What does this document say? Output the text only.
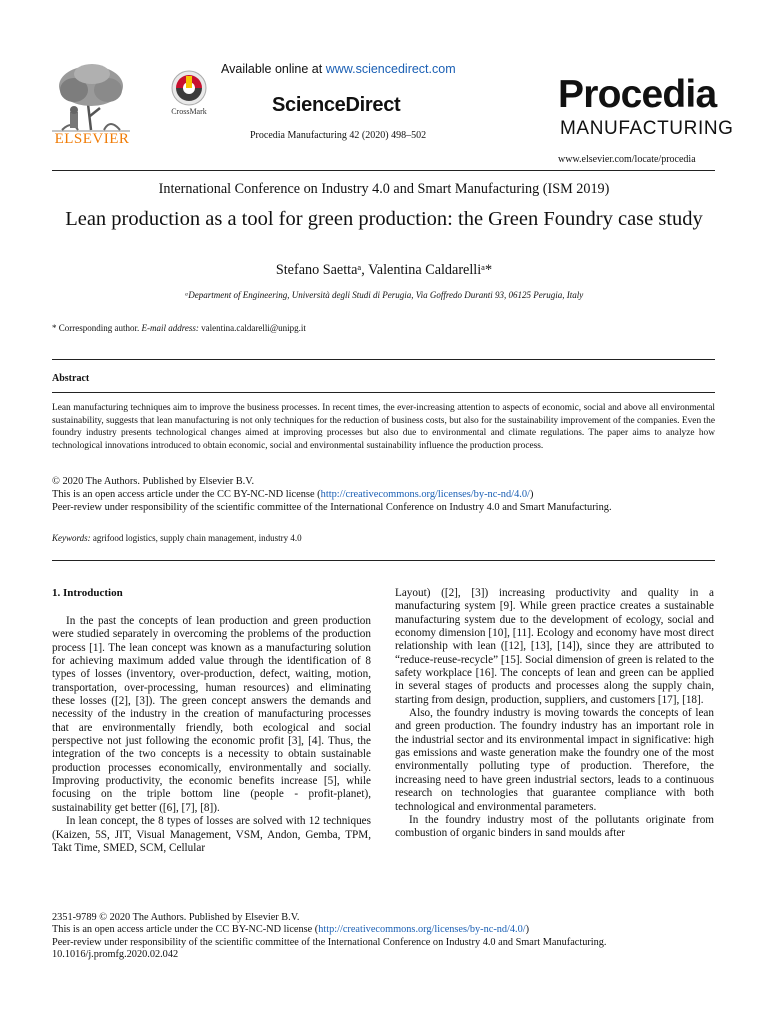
ELSEVIER
CrossMark
Available online at www.sciencedirect.com
ScienceDirect
Procedia Manufacturing 42 (2020) 498–502
Procedia
MANUFACTURING
www.elsevier.com/locate/procedia
International Conference on Industry 4.0 and Smart Manufacturing (ISM 2019)
Lean production as a tool for green production: the Green Foundry case study
Stefano Saettaᵃ, Valentina Caldarelliᵃ*
ᵃDepartment of Engineering, Università degli Studi di Perugia, Via Goffredo Duranti 93, 06125 Perugia, Italy
* Corresponding author. E-mail address: valentina.caldarelli@unipg.it
Abstract
Lean manufacturing techniques aim to improve the business processes. In recent times, the ever-increasing attention to aspects of economic, social and above all environmental sustainability, suggests that lean manufacturing is not only techniques for the reduction of business costs, but also for the sustainability improvement of the companies. Even the foundry industry presents technological changes aimed at improving processes but also due to environmental and climate regulations. The paper aims to analyze how technological innovations introduced to obtain economic, social and environmental sustainability influence the production process.
© 2020 The Authors. Published by Elsevier B.V.
This is an open access article under the CC BY-NC-ND license (http://creativecommons.org/licenses/by-nc-nd/4.0/)
Peer-review under responsibility of the scientific committee of the International Conference on Industry 4.0 and Smart Manufacturing.
Keywords: agrifood logistics, supply chain management, industry 4.0
1. Introduction

In the past the concepts of lean production and green production were studied separately in overcoming the problems of the production process [1]. The lean concept was known as a manufacturing solution for achieving maximum added value through the identification of 8 types of losses (inventory, over-production, defect, waiting, motion, transportation, over-processing, human resources) and eliminating these losses ([2], [3]). The green concept answers the demands and necessity of the industry in the creation of manufacturing processes that are environmentally friendly, both ecological and social perspective not just following the economic profit [3], [4]. Thus, the integration of the two concepts is a necessity to obtain sustainable production processes economically, environmentally and socially. Improving productivity, the economic benefits increase [5], while focusing on the triple bottom line (people - profit-planet), sustainability get better ([6], [7], [8]).

In lean concept, the 8 types of losses are solved with 12 techniques (Kaizen, 5S, JIT, Visual Management, VSM, Andon, Gemba, TPM, Takt Time, SMED, SCM, Cellular

Layout) ([2], [3]) increasing productivity and quality in a manufacturing system [9]. While green practice creates a sustainable manufacturing system due to the development of ecology, social and economy dimension [10], [11]. Ecology and economy have most direct relationship with lean ([12], [13], [14]), since they are attributed to “reduce-reuse-recycle” [15]. Social dimension of green is related to the safety workplace [16]. The concepts of lean and green can be applied in several stages of products and processes along the supply chain, starting from design, production, suppliers, and customers [17], [18].

Also, the foundry industry is moving towards the concepts of lean and green production. The foundry industry has an important role in the industrial sector and its environmental impact in significative: high gas emissions and waste generation make the foundry one of the most environmentally polluting type of production. Therefore, the increasing need to have green industrial sectors, leads to a continuous research on technologies that guarantee compliance with both technological and environmental parameters.

In the foundry industry most of the pollutants originate from combustion of organic binders in sand moulds after

2351-9789 © 2020 The Authors. Published by Elsevier B.V.
This is an open access article under the CC BY-NC-ND license (http://creativecommons.org/licenses/by-nc-nd/4.0/)
Peer-review under responsibility of the scientific committee of the International Conference on Industry 4.0 and Smart Manufacturing.
10.1016/j.promfg.2020.02.042
